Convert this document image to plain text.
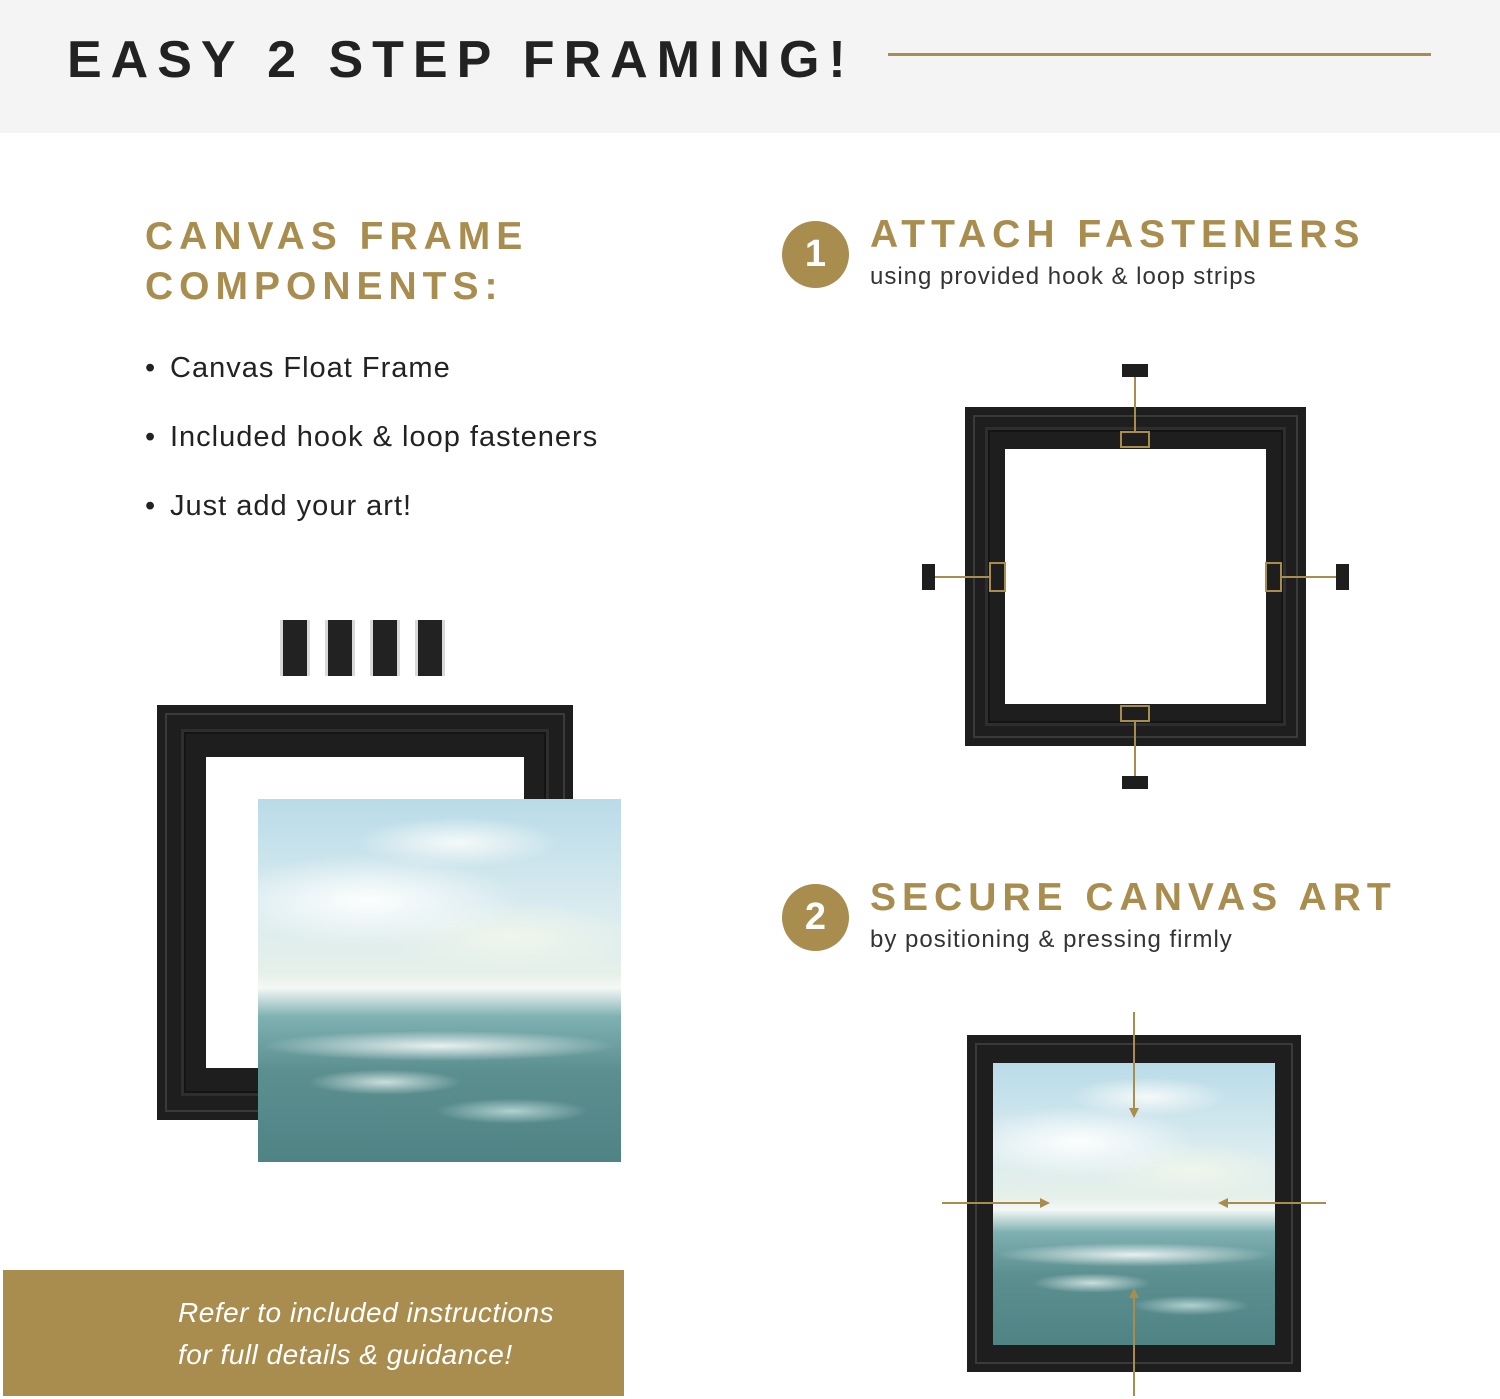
EASY 2 STEP FRAMING!
CANVAS FRAME
COMPONENTS:
• Canvas Float Frame
• Included hook & loop fasteners
• Just add your art!
1	ATTACH FASTENERS
using provided hook & loop strips
2	SECURE CANVAS ART
by positioning & pressing firmly
Refer to included instructions
for full details & guidance!
